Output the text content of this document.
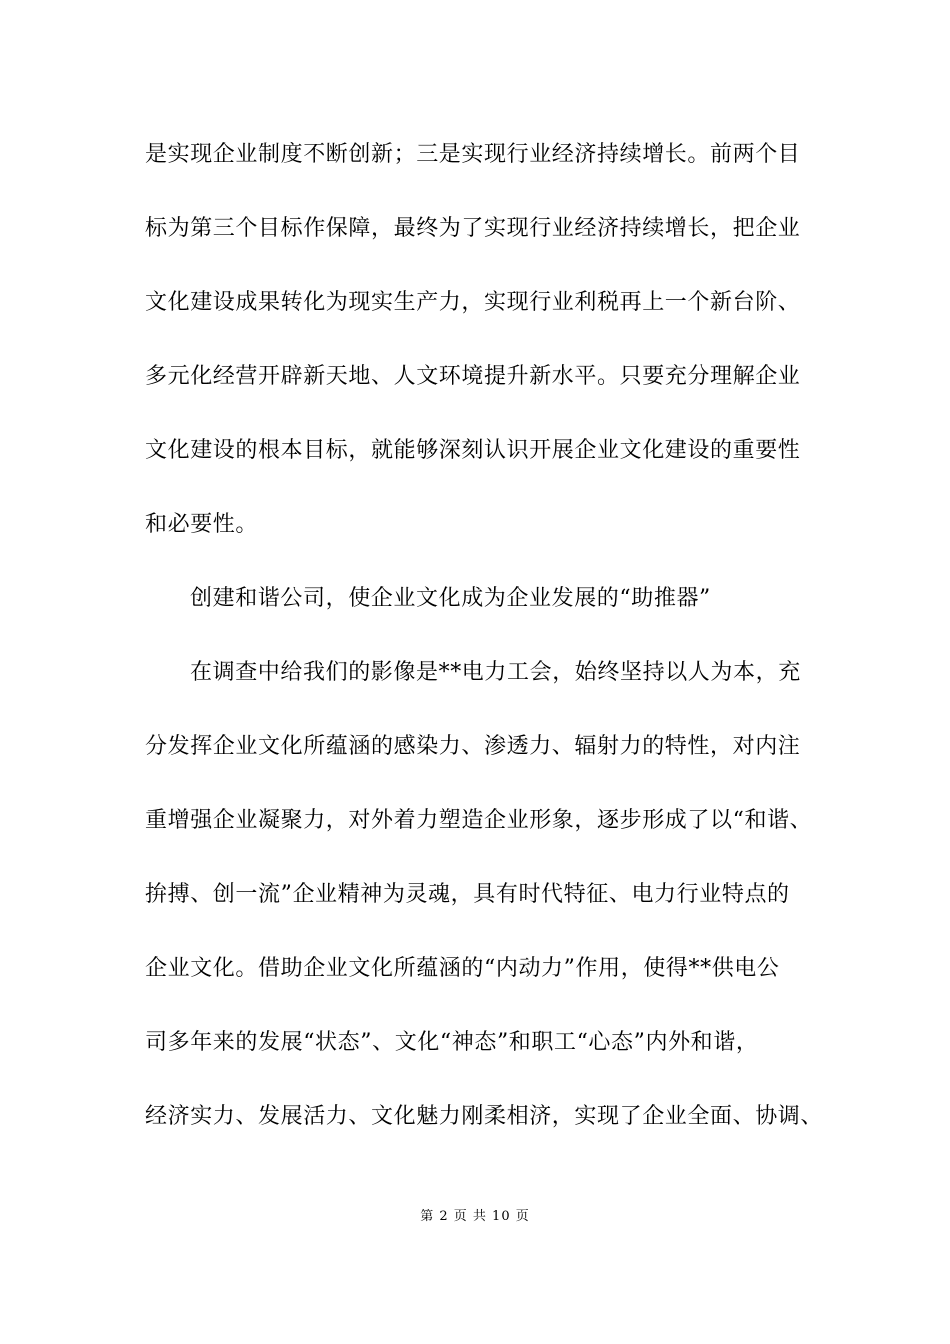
是实现企业制度不断创新；三是实现行业经济持续增长。前两个目
标为第三个目标作保障，最终为了实现行业经济持续增长，把企业
文化建设成果转化为现实生产力，实现行业利税再上一个新台阶、
多元化经营开辟新天地、人文环境提升新水平。只要充分理解企业
文化建设的根本目标，就能够深刻认识开展企业文化建设的重要性
和必要性。
创建和谐公司，使企业文化成为企业发展的“助推器”
在调查中给我们的影像是**电力工会，始终坚持以人为本，充
分发挥企业文化所蕴涵的感染力、渗透力、辐射力的特性，对内注
重增强企业凝聚力，对外着力塑造企业形象，逐步形成了以“和谐、
拚搏、创一流”企业精神为灵魂，具有时代特征、电力行业特点的
企业文化。借助企业文化所蕴涵的“内动力”作用，使得**供电公
司多年来的发展“状态”、文化“神态”和职工“心态”内外和谐，
经济实力、发展活力、文化魅力刚柔相济，实现了企业全面、协调、
第 2 页 共 10 页
